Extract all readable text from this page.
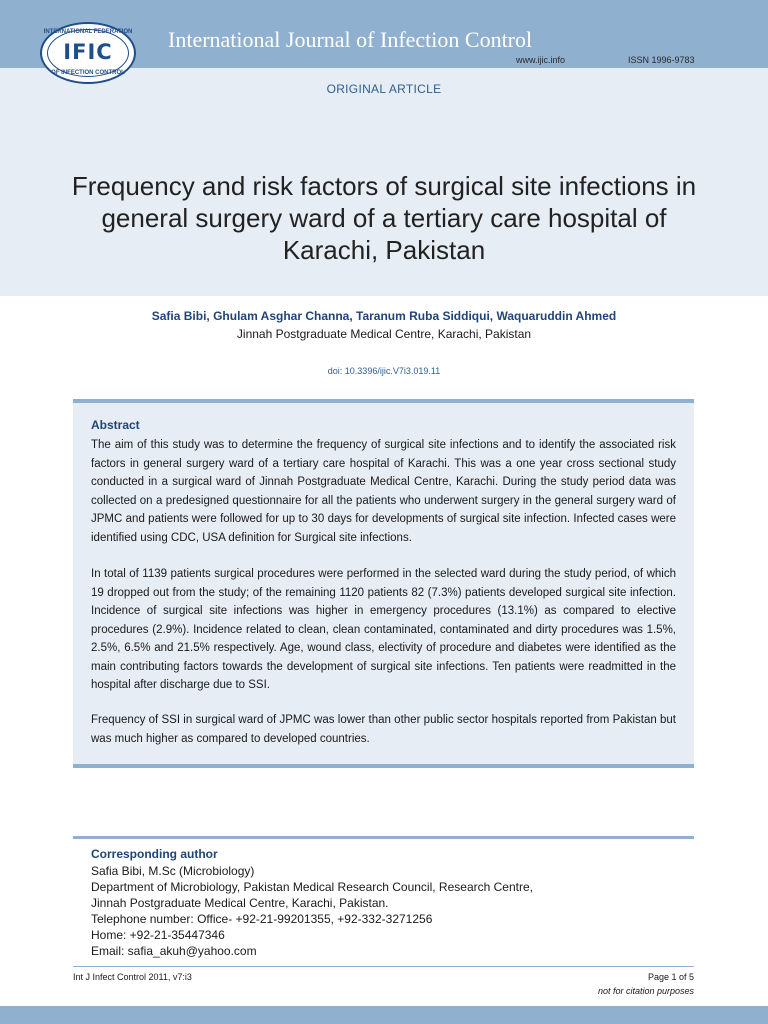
INTERNATIONAL FEDERATION
IFIC
OF INFECTION CONTROL
International Journal of Infection Control
www.ijic.info	ISSN 1996-9783
ORIGINAL ARTICLE
Frequency and risk factors of surgical site infections in general surgery ward of a tertiary care hospital of Karachi, Pakistan
Safia Bibi, Ghulam Asghar Channa, Taranum Ruba Siddiqui, Waquaruddin Ahmed
Jinnah Postgraduate Medical Centre, Karachi, Pakistan
doi: 10.3396/ijic.V7i3.019.11
Abstract

The aim of this study was to determine the frequency of surgical site infections and to identify the associated risk factors in general surgery ward of a tertiary care hospital of Karachi. This was a one year cross sectional study conducted in a surgical ward of Jinnah Postgraduate Medical Centre, Karachi. During the study period data was collected on a predesigned questionnaire for all the patients who underwent surgery in the general surgery ward of JPMC and patients were followed for up to 30 days for developments of surgical site infection. Infected cases were identified using CDC, USA definition for Surgical site infections.

In total of 1139 patients surgical procedures were performed in the selected ward during the study period, of which 19 dropped out from the study; of the remaining 1120 patients 82 (7.3%) patients developed surgical site infection. Incidence of surgical site infections was higher in emergency procedures (13.1%) as compared to elective procedures (2.9%). Incidence related to clean, clean contaminated, contaminated and dirty procedures was 1.5%, 2.5%, 6.5% and 21.5% respectively. Age, wound class, electivity of procedure and diabetes were identified as the main contributing factors towards the development of surgical site infections. Ten patients were readmitted in the hospital after discharge due to SSI.

Frequency of SSI in surgical ward of JPMC was lower than other public sector hospitals reported from Pakistan but was much higher as compared to developed countries.

Corresponding author
Safia Bibi, M.Sc (Microbiology)
Department of Microbiology, Pakistan Medical Research Council, Research Centre,
Jinnah Postgraduate Medical Centre, Karachi, Pakistan.
Telephone number: Office- +92-21-99201355, +92-332-3271256
Home: +92-21-35447346
Email: safia_akuh@yahoo.com
Int J Infect Control 2011, v7:i3	Page 1 of 5
not for citation purposes
